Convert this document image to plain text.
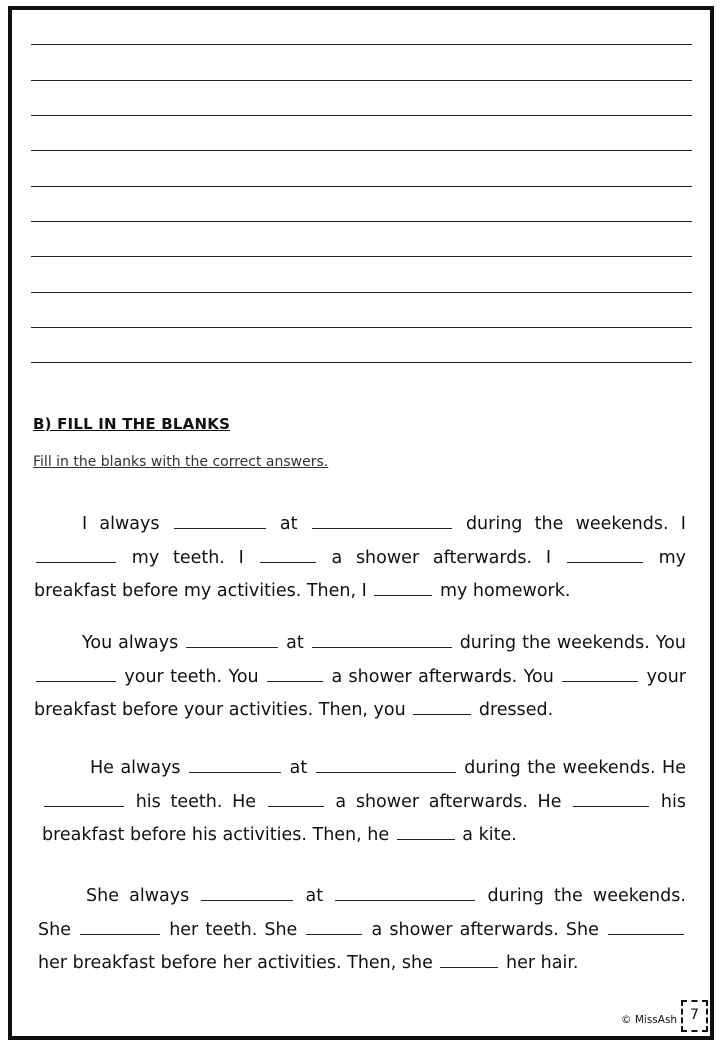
B) FILL IN THE BLANKS
Fill in the blanks with the correct answers.
I always	at	during the weekends. I  my teeth. I	a shower afterwards. I	my breakfast before my activities. Then, I	my homework.
You always	at	during the weekends. You  your teeth. You	a shower afterwards. You	your breakfast before your activities. Then, you	dressed.
He always	at	during the weekends. He  his teeth. He	a shower afterwards. He	his breakfast before his activities. Then, he	a kite.
She always	at	during the weekends. She	her teeth. She	a shower afterwards. She  her breakfast before her activities. Then, she	her hair.
© MissAsh 7
